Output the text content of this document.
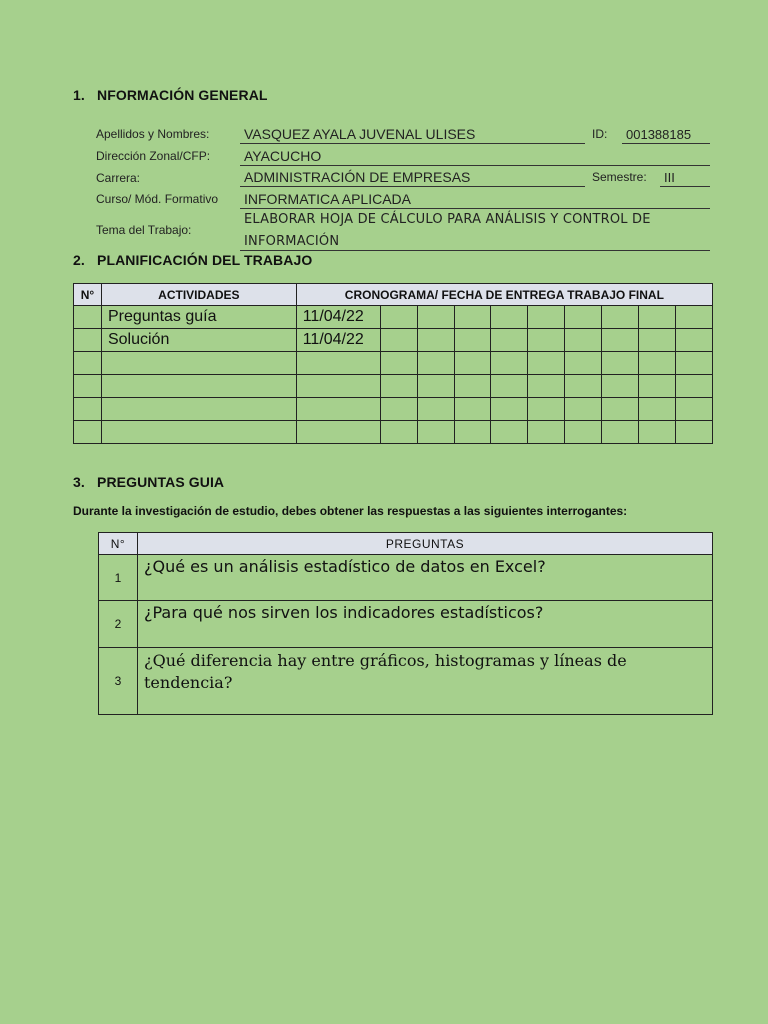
1. NFORMACIÓN GENERAL
Apellidos y Nombres: VASQUEZ AYALA JUVENAL ULISES	ID:	001388185
Dirección Zonal/CFP: AYACUCHO
Carrera:	ADMINISTRACIÓN DE EMPRESAS	Semestre:	III
Curso/ Mód. Formativo INFORMATICA APLICADA
Tema del Trabajo:
ELABORAR HOJA DE CÁLCULO PARA ANÁLISIS Y CONTROL DE
INFORMACIÓN
2. PLANIFICACIÓN DEL TRABAJO
N°	ACTIVIDADES	CRONOGRAMA/ FECHA DE ENTREGA TRABAJO FINAL									
	Preguntas guía	11/04/22									
	Solución	11/04/22									

3. PREGUNTAS GUIA
Durante la investigación de estudio, debes obtener las respuestas a las siguientes interrogantes:
N°	PREGUNTAS
1	¿Qué es un análisis estadístico de datos en Excel?
2	¿Para qué nos sirven los indicadores estadísticos?
3	¿Qué diferencia hay entre gráficos, histogramas y líneas de tendencia?
